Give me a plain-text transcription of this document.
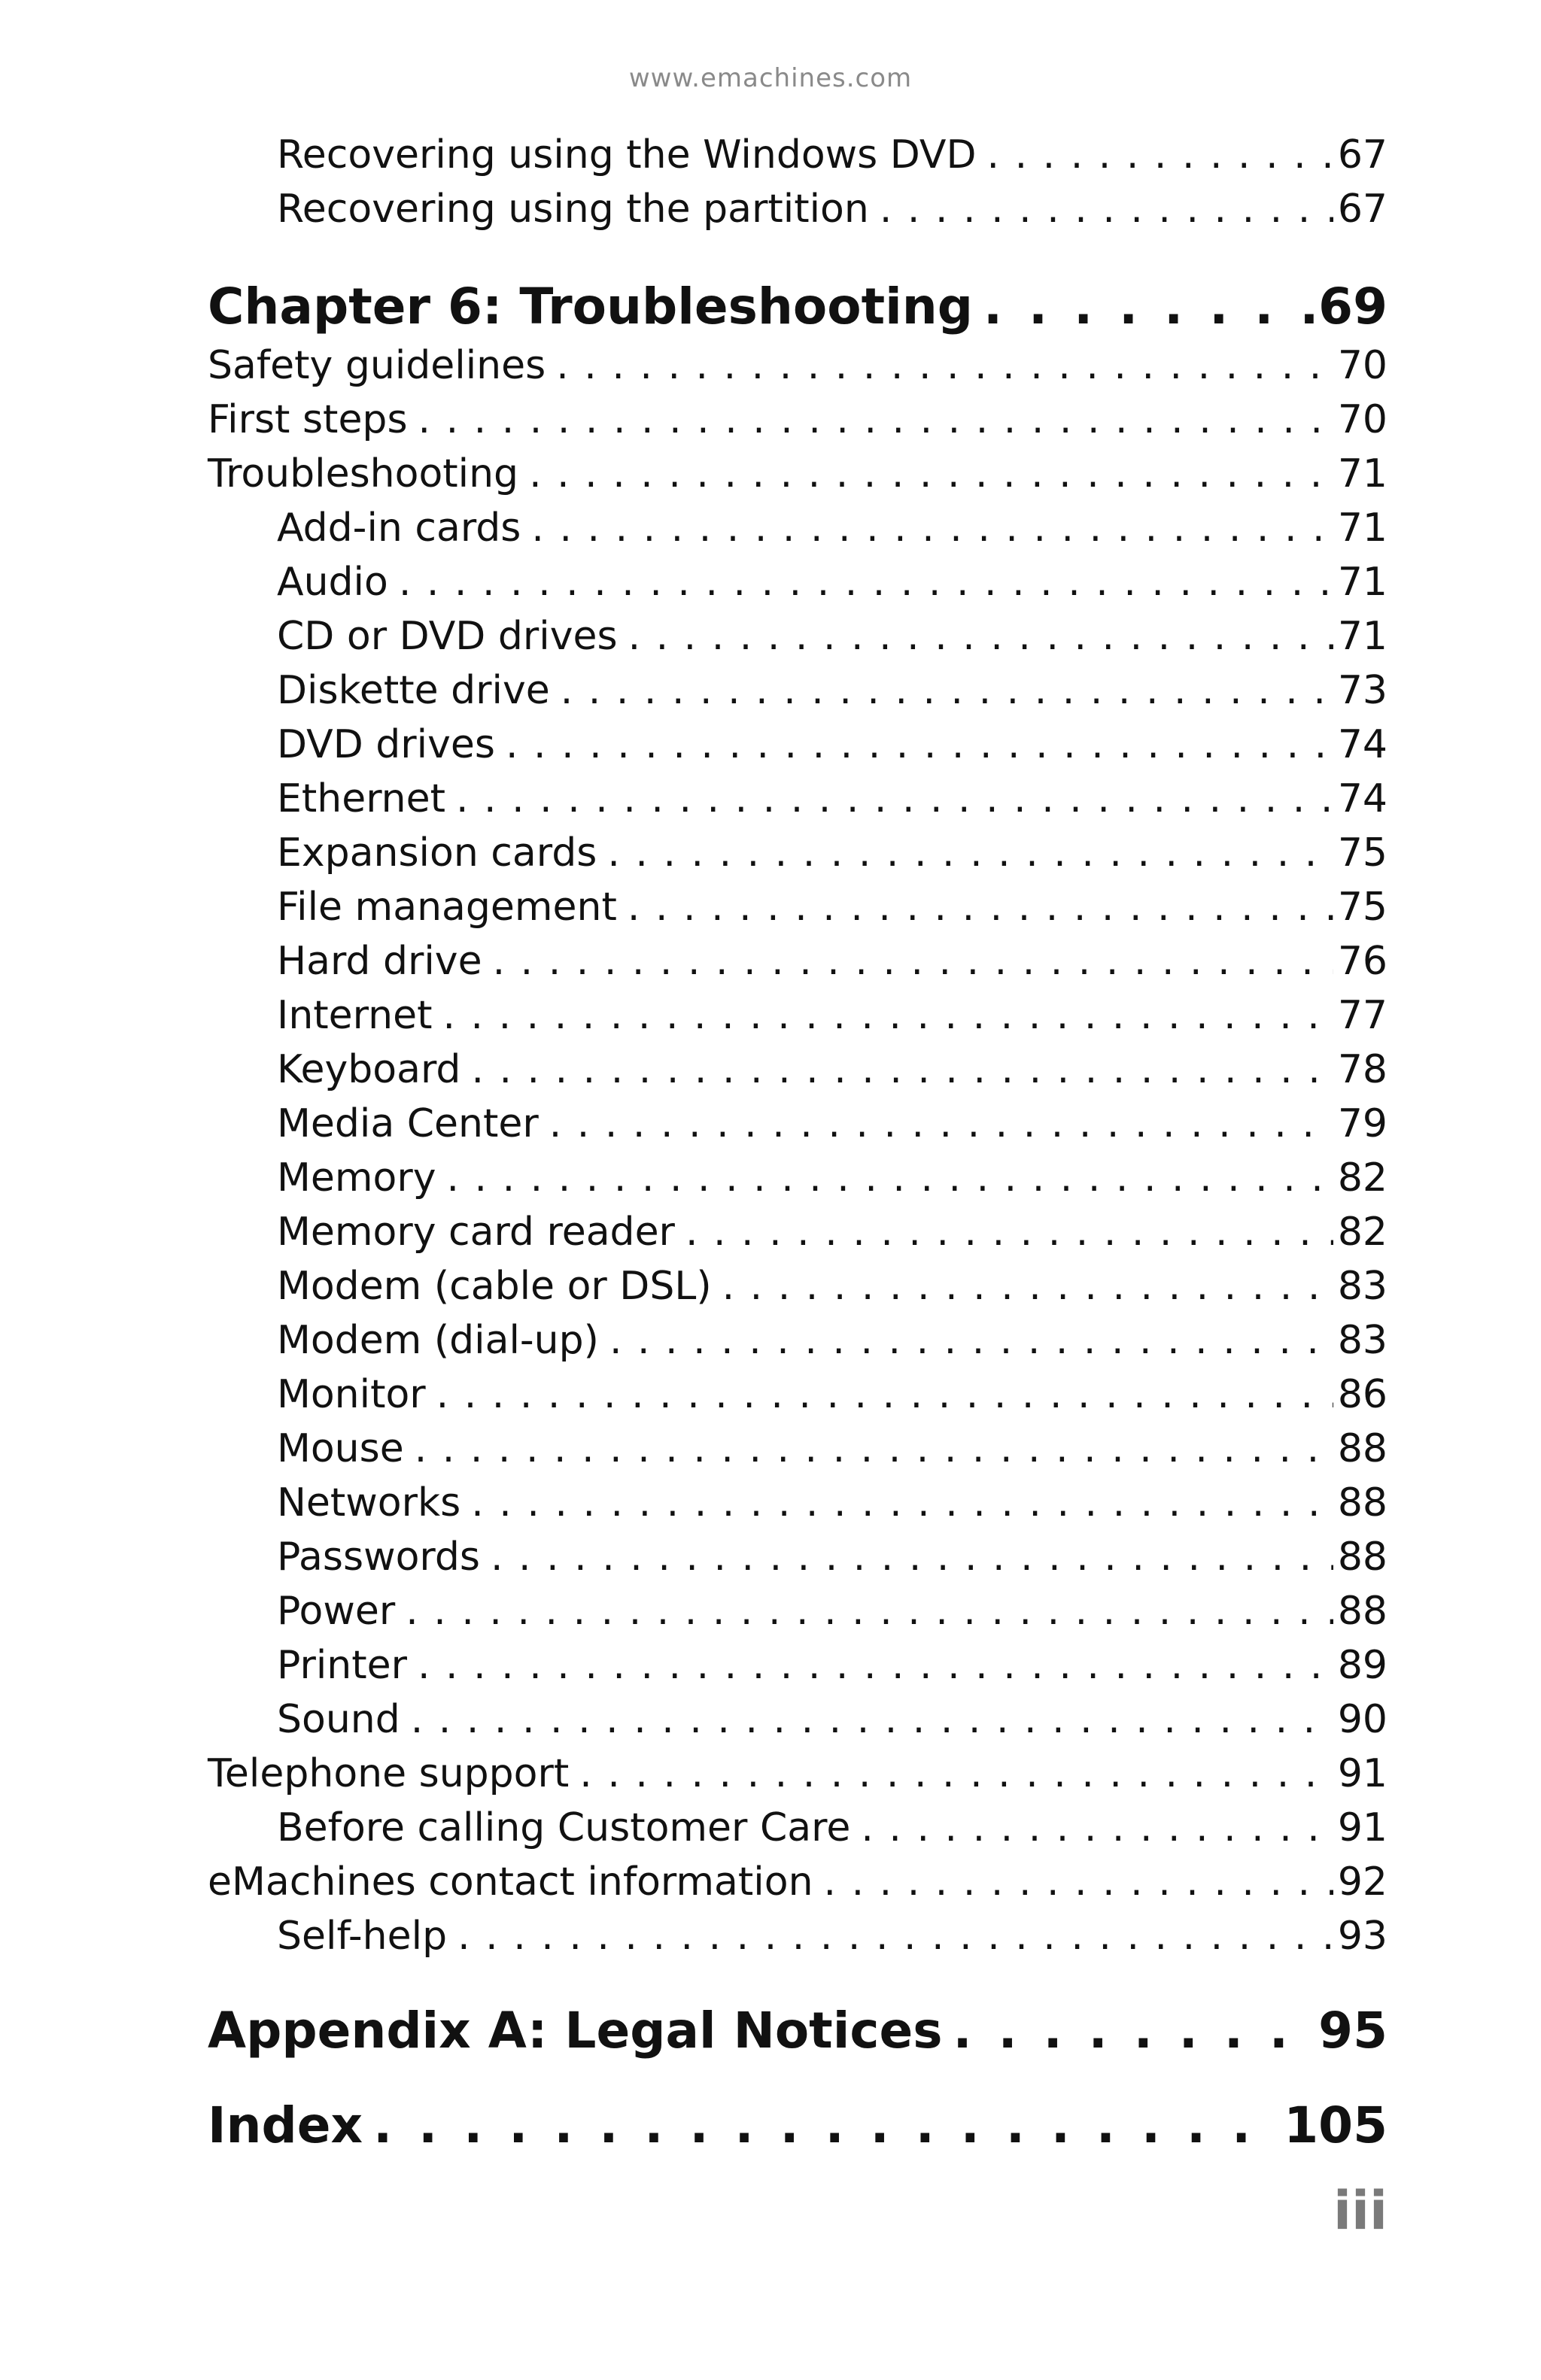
www.emachines.com
Recovering using the Windows DVD . . .	67
Recovering using the partition . . .	67
Chapter 6: Troubleshooting . . .	69
Safety guidelines . . .	70
First steps . . .	70
Troubleshooting . . .	71
Add-in cards . . .	71
Audio . . .	71
CD or DVD drives . . .	71
Diskette drive . . .	73
DVD drives . . .	74
Ethernet . . .	74
Expansion cards . . .	75
File management . . .	75
Hard drive . . .	76
Internet . . .	77
Keyboard . . .	78
Media Center . . .	79
Memory . . .	82
Memory card reader . . .	82
Modem (cable or DSL) . . .	83
Modem (dial-up) . . .	83
Monitor . . .	86
Mouse . . .	88
Networks . . .	88
Passwords . . .	88
Power . . .	88
Printer . . .	89
Sound . . .	90
Telephone support . . .	91
Before calling Customer Care . . .	91
eMachines contact information . . .	92
Self-help . . .	93
Appendix A: Legal Notices . . .	95
Index . . .	105
iii
